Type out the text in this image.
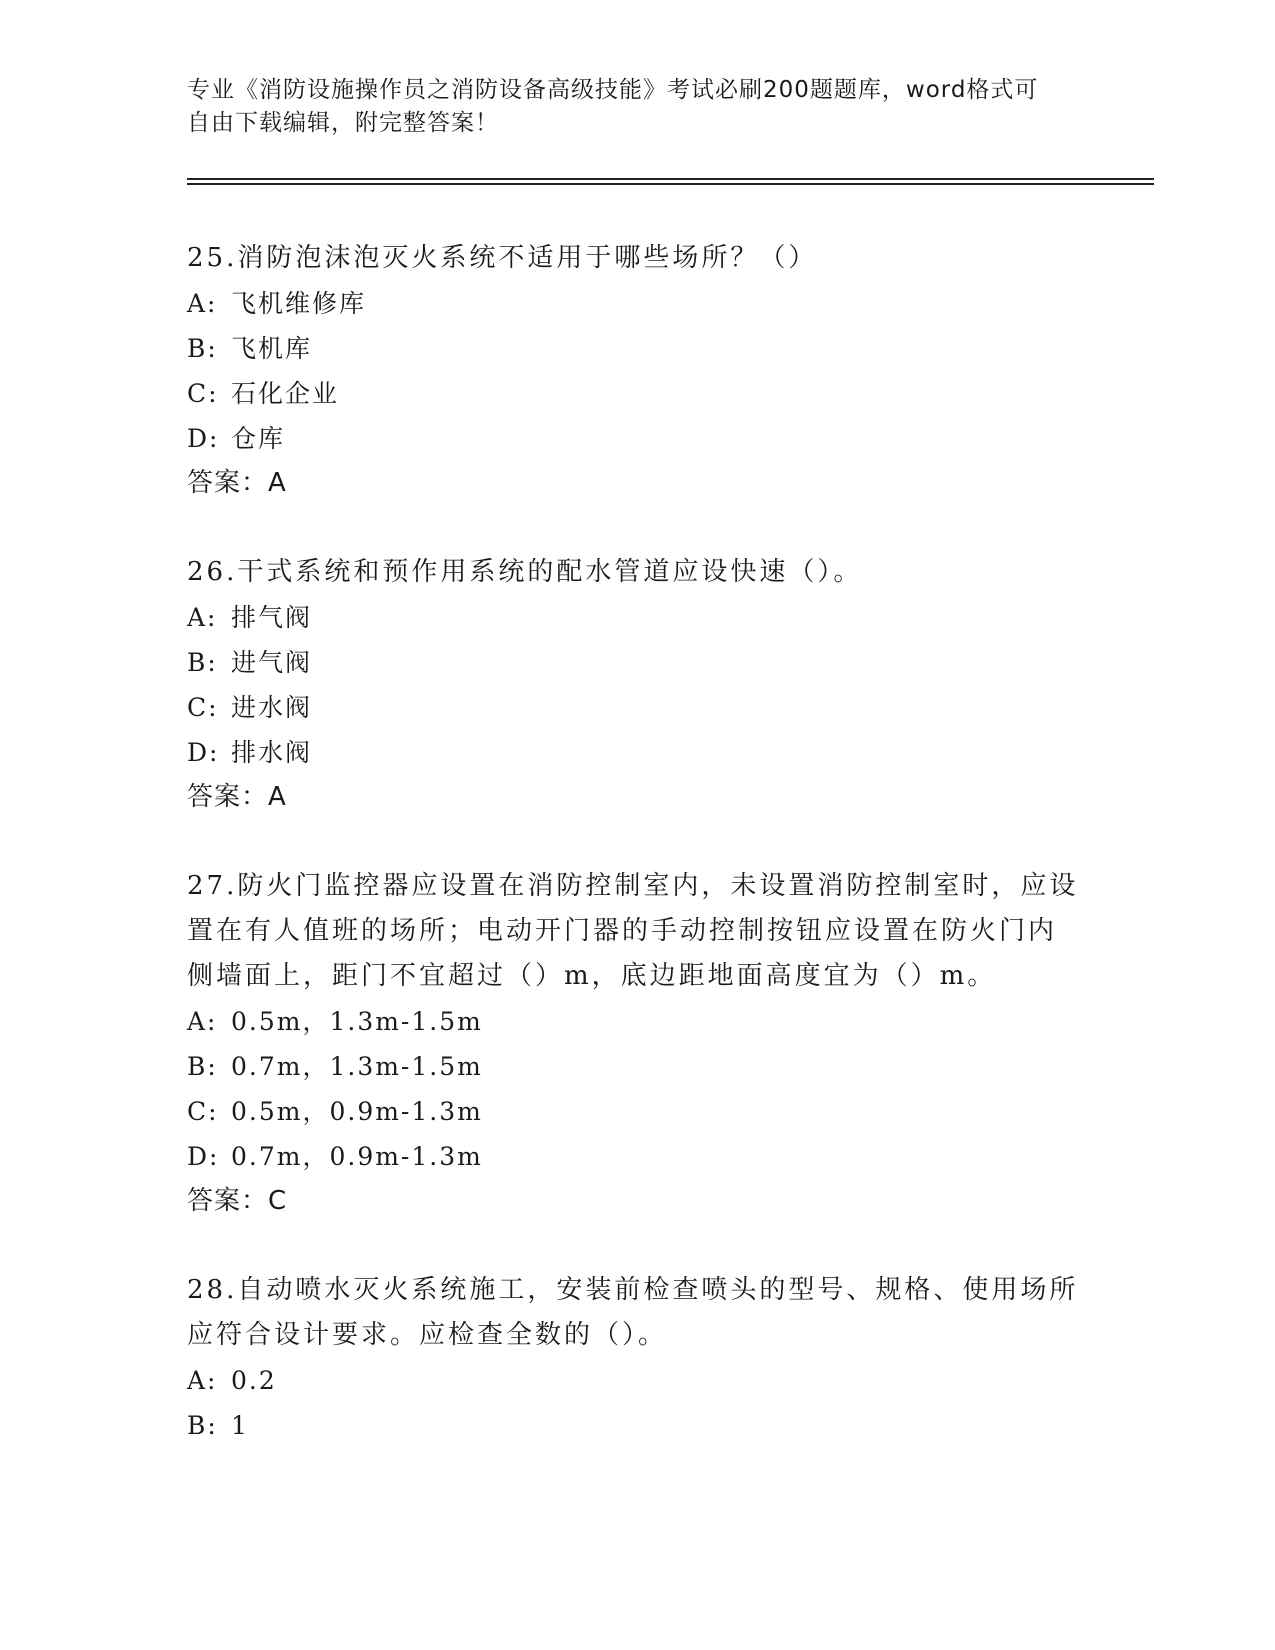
专业《消防设施操作员之消防设备高级技能》考试必刷200题题库，word格式可
自由下载编辑，附完整答案！
25.消防泡沫泡灭火系统不适用于哪些场所？（）
A: 飞机维修库
B: 飞机库
C: 石化企业
D: 仓库
答案：A
26.干式系统和预作用系统的配水管道应设快速（）。
A: 排气阀
B: 进气阀
C: 进水阀
D: 排水阀
答案：A
27.防火门监控器应设置在消防控制室内，未设置消防控制室时，应设
置在有人值班的场所；电动开门器的手动控制按钮应设置在防火门内
侧墙面上，距门不宜超过（）m，底边距地面高度宜为（）m。
A: 0.5m，1.3m-1.5m
B: 0.7m，1.3m-1.5m
C: 0.5m，0.9m-1.3m
D: 0.7m，0.9m-1.3m
答案：C
28.自动喷水灭火系统施工，安装前检查喷头的型号、规格、使用场所
应符合设计要求。应检查全数的（）。
A: 0.2
B: 1
